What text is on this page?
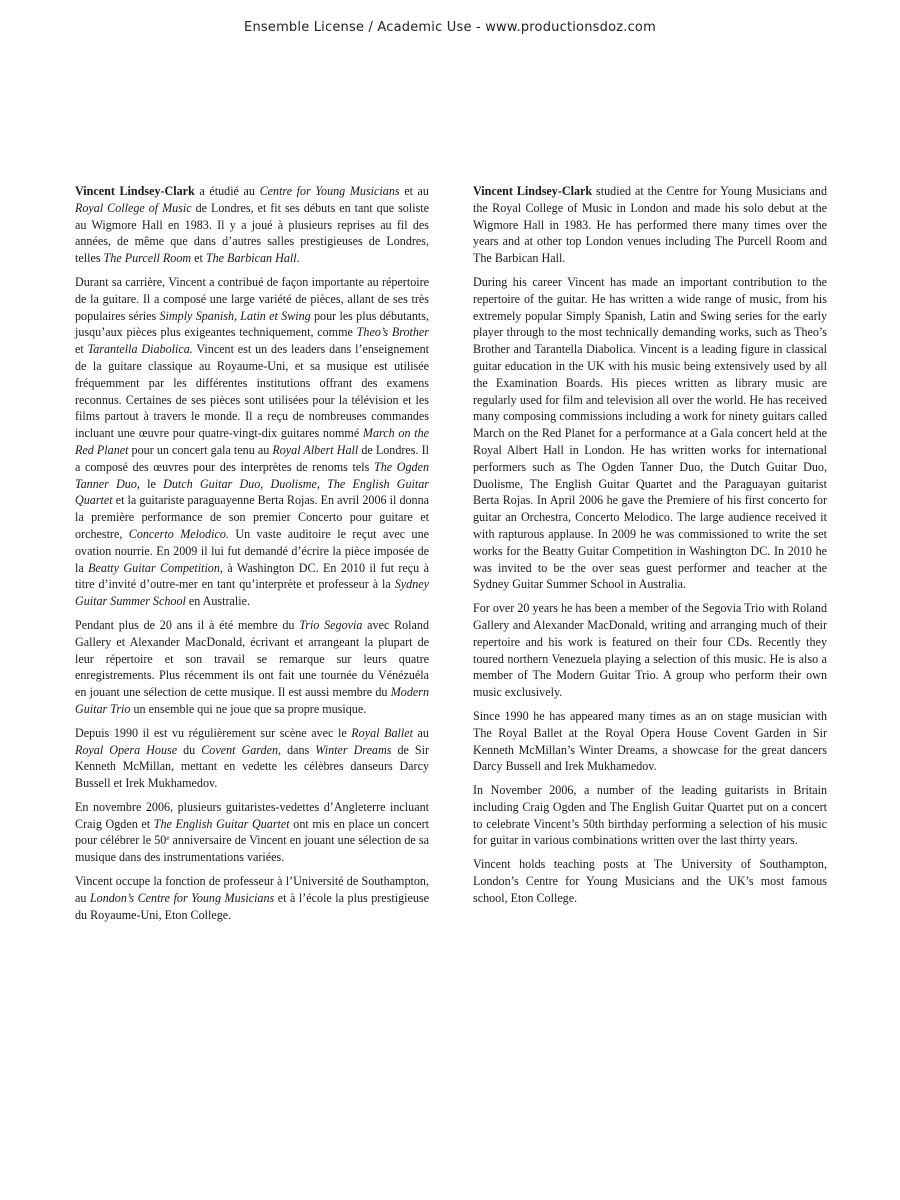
Ensemble License / Academic Use - www.productionsdoz.com

Vincent Lindsey-Clark a étudié au Centre for Young Musicians et au Royal College of Music de Londres, et fit ses débuts en tant que soliste au Wigmore Hall en 1983. Il y a joué à plusieurs reprises au fil des années, de même que dans d’autres salles prestigieuses de Londres, telles The Purcell Room et The Barbican Hall.

Durant sa carrière, Vincent a contribué de façon importante au répertoire de la guitare. Il a composé une large variété de pièces, allant de ses très populaires séries Simply Spanish, Latin et Swing pour les plus débutants, jusqu’aux pièces plus exigeantes techniquement, comme Theo’s Brother et Tarantella Diabolica. Vincent est un des leaders dans l’enseignement de la guitare classique au Royaume-Uni, et sa musique est utilisée fréquemment par les différentes institutions offrant des examens reconnus. Certaines de ses pièces sont utilisées pour la télévision et les films partout à travers le monde. Il a reçu de nombreuses commandes incluant une œuvre pour quatre-vingt-dix guitares nommé March on the Red Planet pour un concert gala tenu au Royal Albert Hall de Londres. Il a composé des œuvres pour des interprètes de renoms tels The Ogden Tanner Duo, le Dutch Guitar Duo, Duolisme, The English Guitar Quartet et la guitariste paraguayenne Berta Rojas. En avril 2006 il donna la première performance de son premier Concerto pour guitare et orchestre, Concerto Melodico. Un vaste auditoire le reçut avec une ovation nourrie. En 2009 il lui fut demandé d’écrire la pièce imposée de la Beatty Guitar Competition, à Washington DC. En 2010 il fut reçu à titre d’invité d’outre-mer en tant qu’interprète et professeur à la Sydney Guitar Summer School en Australie.

Pendant plus de 20 ans il à été membre du Trio Segovia avec Roland Gallery et Alexander MacDonald, écrivant et arrangeant la plupart de leur répertoire et son travail se remarque sur leurs quatre enregistrements. Plus récemment ils ont fait une tournée du Vénézuéla en jouant une sélection de cette musique. Il est aussi membre du Modern Guitar Trio un ensemble qui ne joue que sa propre musique.

Depuis 1990 il est vu régulièrement sur scène avec le Royal Ballet au Royal Opera House du Covent Garden, dans Winter Dreams de Sir Kenneth McMillan, mettant en vedette les célèbres danseurs Darcy Bussell et Irek Mukhamedov.

En novembre 2006, plusieurs guitaristes-vedettes d’Angleterre incluant Craig Ogden et The English Guitar Quartet ont mis en place un concert pour célébrer le 50e anniversaire de Vincent en jouant une sélection de sa musique dans des instrumentations variées.

Vincent occupe la fonction de professeur à l’Université de Southampton, au London’s Centre for Young Musicians et à l’école la plus prestigieuse du Royaume-Uni, Eton College.

Vincent Lindsey-Clark studied at the Centre for Young Musicians and the Royal College of Music in London and made his solo debut at the Wigmore Hall in 1983. He has performed there many times over the years and at other top London venues including The Purcell Room and The Barbican Hall.

During his career Vincent has made an important contribution to the repertoire of the guitar. He has written a wide range of music, from his extremely popular Simply Spanish, Latin and Swing series for the early player through to the most technically demanding works, such as Theo’s Brother and Tarantella Diabolica. Vincent is a leading figure in classical guitar education in the UK with his music being extensively used by all the Examination Boards. His pieces written as library music are regularly used for film and television all over the world. He has received many composing commissions including a work for ninety guitars called March on the Red Planet for a performance at a Gala concert held at the Royal Albert Hall in London. He has written works for international performers such as The Ogden Tanner Duo, the Dutch Guitar Duo, Duolisme, The English Guitar Quartet and the Paraguayan guitarist Berta Rojas. In April 2006 he gave the Premiere of his first concerto for guitar an Orchestra, Concerto Melodico. The large audience received it with rapturous applause. In 2009 he was commissioned to write the set works for the Beatty Guitar Competition in Washington DC. In 2010 he was invited to be the over seas guest performer and teacher at the Sydney Guitar Summer School in Australia.

For over 20 years he has been a member of the Segovia Trio with Roland Gallery and Alexander MacDonald, writing and arranging much of their repertoire and his work is featured on their four CDs. Recently they toured northern Venezuela playing a selection of this music. He is also a member of The Modern Guitar Trio. A group who perform their own music exclusively.

Since 1990 he has appeared many times as an on stage musician with The Royal Ballet at the Royal Opera House Covent Garden in Sir Kenneth McMillan’s Winter Dreams, a showcase for the great dancers Darcy Bussell and Irek Mukhamedov.

In November 2006, a number of the leading guitarists in Britain including Craig Ogden and The English Guitar Quartet put on a concert to celebrate Vincent’s 50th birthday performing a selection of his music for guitar in various combinations written over the last thirty years.

Vincent holds teaching posts at The University of Southampton, London’s Centre for Young Musicians and the UK’s most famous school, Eton College.
